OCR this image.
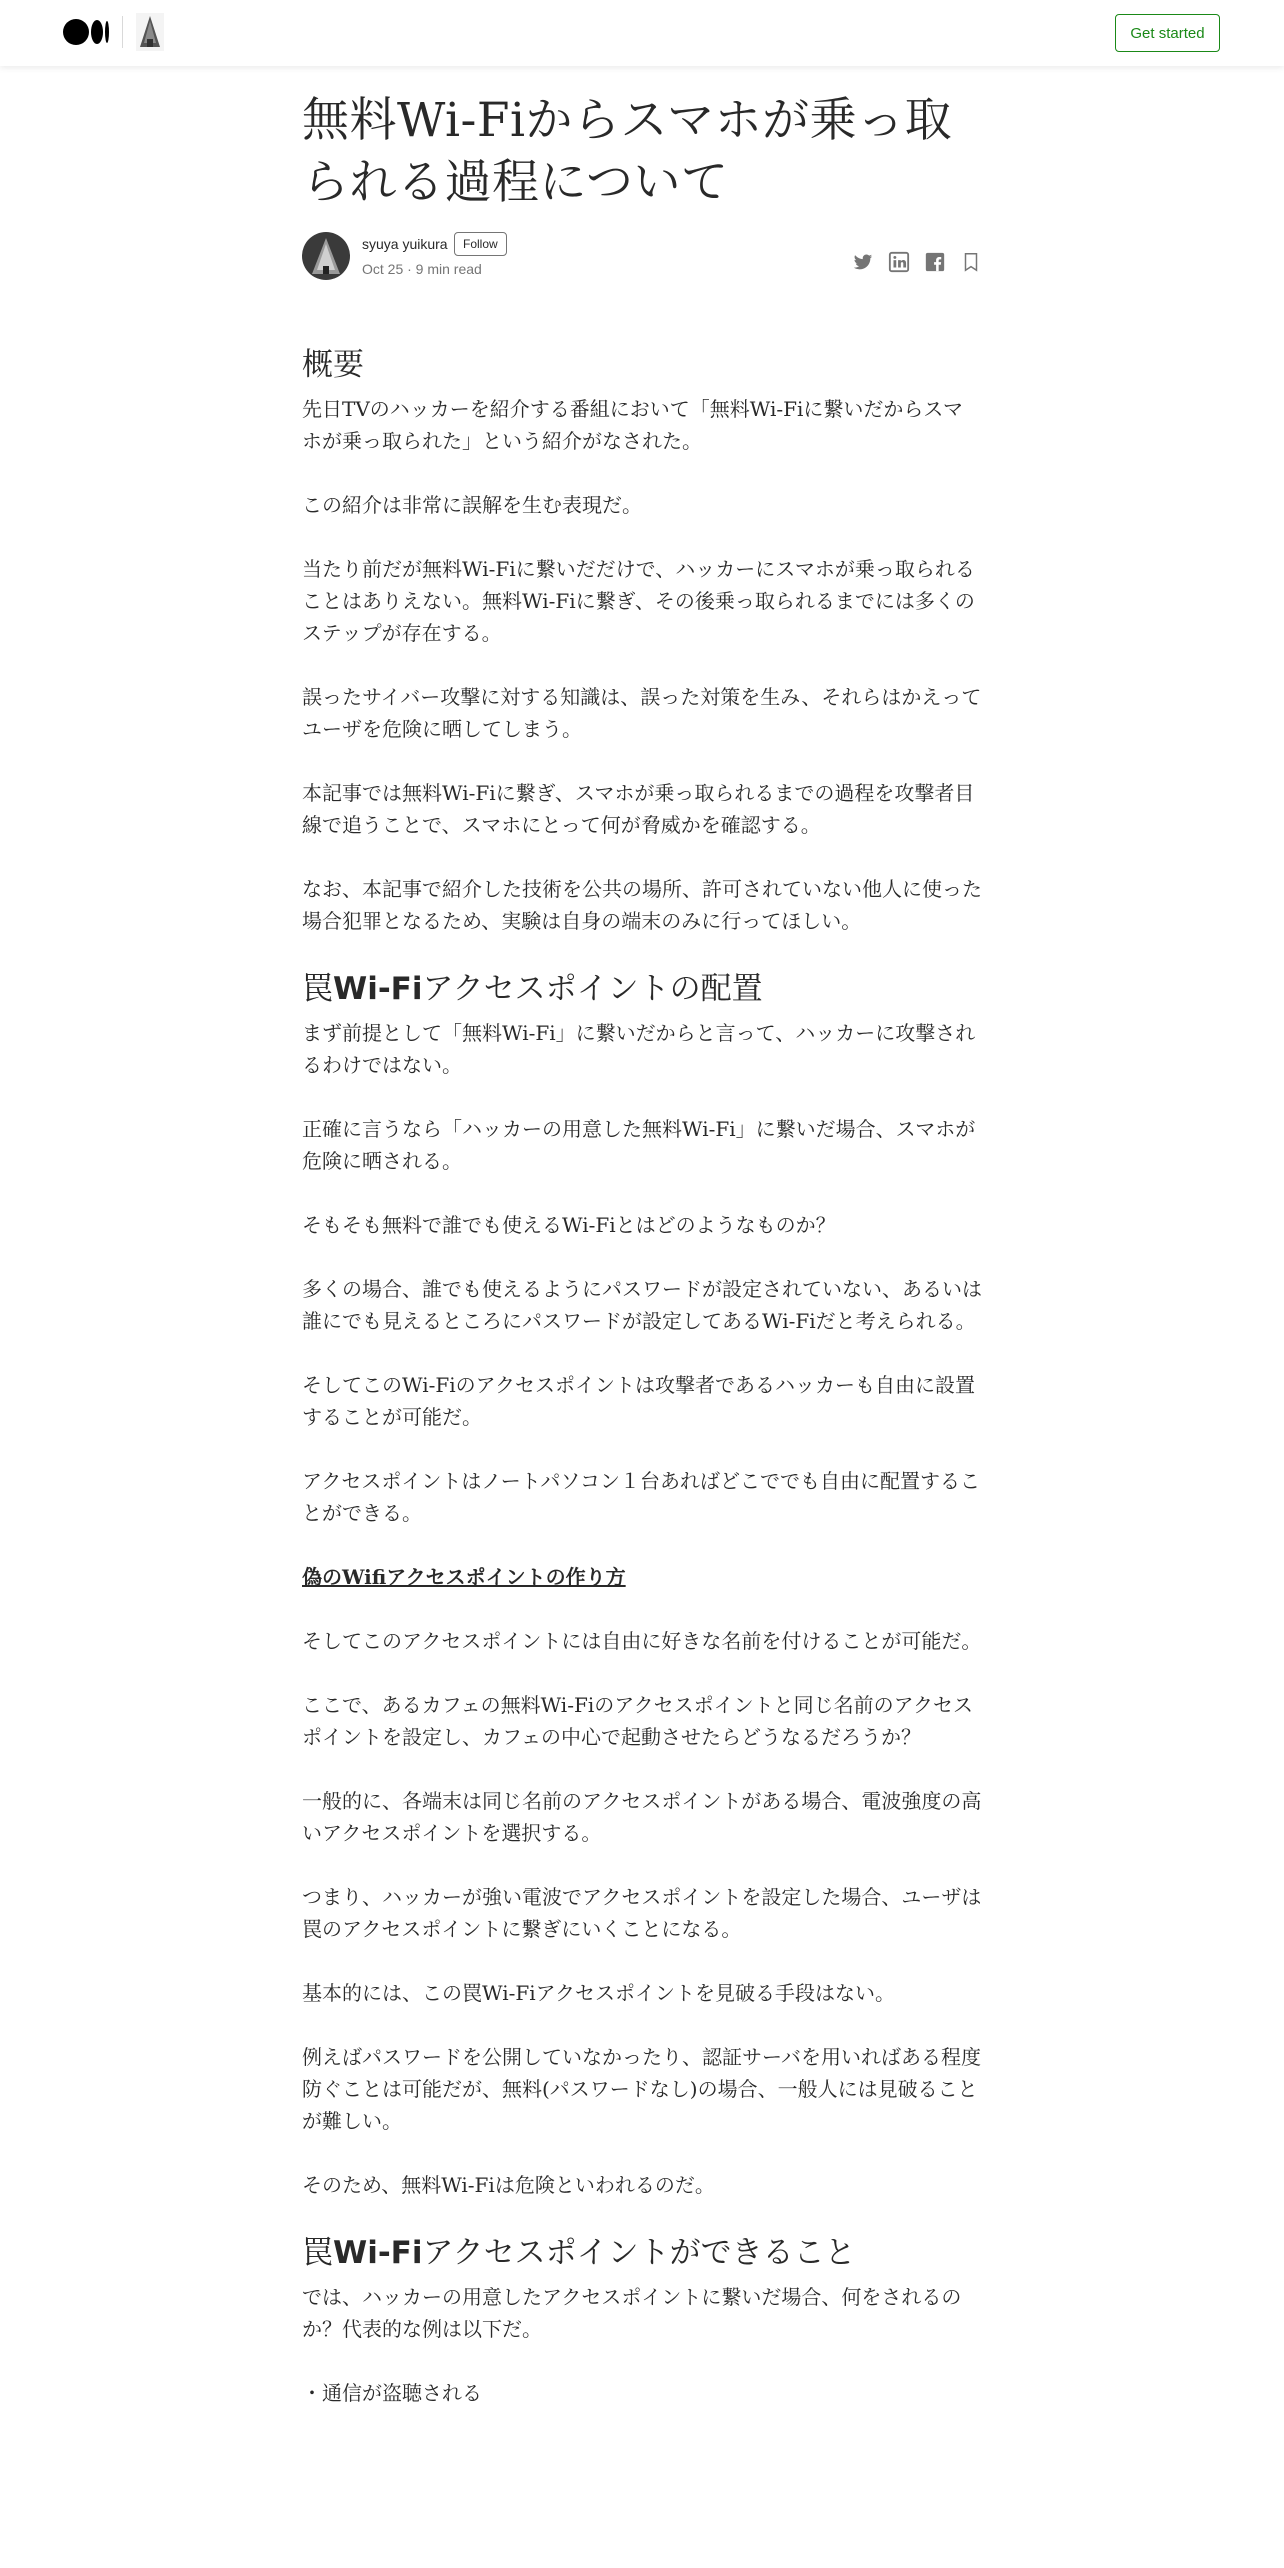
Get started
無料Wi-Fiからスマホが乗っ取られる過程について
syuya yuikura	Follow
Oct 25 · 9 min read
概要

先日TVのハッカーを紹介する番組において「無料Wi-Fiに繋いだからスマホが乗っ取られた」という紹介がなされた。

この紹介は非常に誤解を生む表現だ。

当たり前だが無料Wi-Fiに繋いだだけで、ハッカーにスマホが乗っ取られることはありえない。無料Wi-Fiに繋ぎ、その後乗っ取られるまでには多くのステップが存在する。

誤ったサイバー攻撃に対する知識は、誤った対策を生み、それらはかえってユーザを危険に晒してしまう。

本記事では無料Wi-Fiに繋ぎ、スマホが乗っ取られるまでの過程を攻撃者目線で追うことで、スマホにとって何が脅威かを確認する。

なお、本記事で紹介した技術を公共の場所、許可されていない他人に使った場合犯罪となるため、実験は自身の端末のみに行ってほしい。

罠Wi-Fiアクセスポイントの配置

まず前提として「無料Wi-Fi」に繋いだからと言って、ハッカーに攻撃されるわけではない。

正確に言うなら「ハッカーの用意した無料Wi-Fi」に繋いだ場合、スマホが危険に晒される。

そもそも無料で誰でも使えるWi-Fiとはどのようなものか？

多くの場合、誰でも使えるようにパスワードが設定されていない、あるいは誰にでも見えるところにパスワードが設定してあるWi-Fiだと考えられる。

そしてこのWi-Fiのアクセスポイントは攻撃者であるハッカーも自由に設置することが可能だ。

アクセスポイントはノートパソコン１台あればどこででも自由に配置することができる。

偽のWifiアクセスポイントの作り方

そしてこのアクセスポイントには自由に好きな名前を付けることが可能だ。

ここで、あるカフェの無料Wi-Fiのアクセスポイントと同じ名前のアクセスポイントを設定し、カフェの中心で起動させたらどうなるだろうか？

一般的に、各端末は同じ名前のアクセスポイントがある場合、電波強度の高いアクセスポイントを選択する。

つまり、ハッカーが強い電波でアクセスポイントを設定した場合、ユーザは罠のアクセスポイントに繋ぎにいくことになる。

基本的には、この罠Wi-Fiアクセスポイントを見破る手段はない。

例えばパスワードを公開していなかったり、認証サーバを用いればある程度防ぐことは可能だが、無料(パスワードなし)の場合、一般人には見破ることが難しい。

そのため、無料Wi-Fiは危険といわれるのだ。

罠Wi-Fiアクセスポイントができること

では、ハッカーの用意したアクセスポイントに繋いだ場合、何をされるのか？代表的な例は以下だ。

・通信が盗聴される
